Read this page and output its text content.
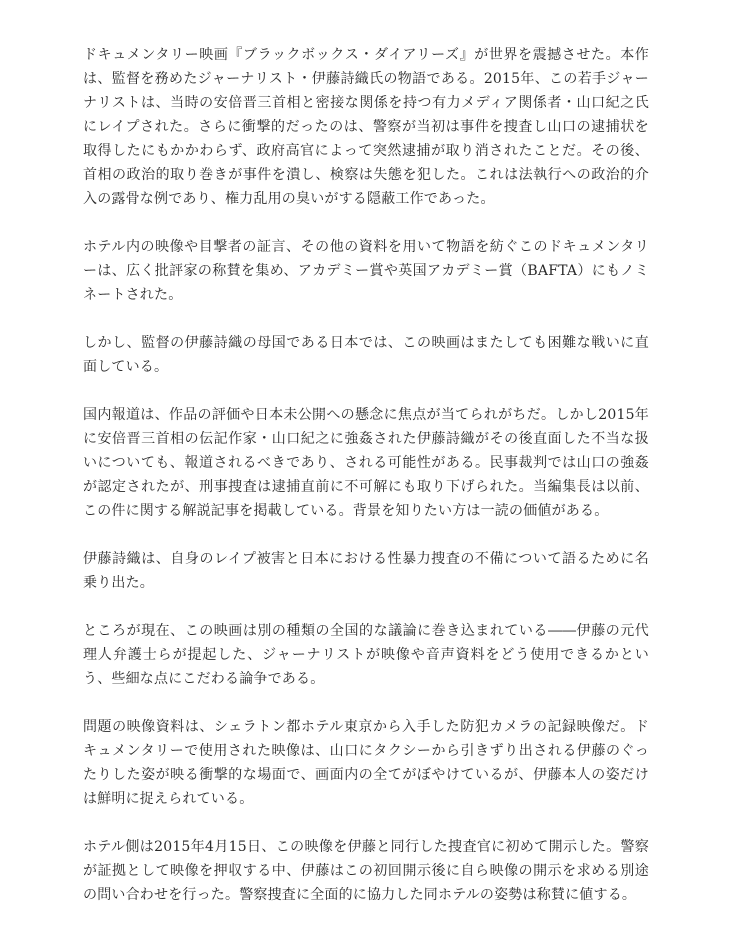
ドキュメンタリー映画『ブラックボックス・ダイアリーズ』が世界を震撼させた。本作は、監督を務めたジャーナリスト・伊藤詩織氏の物語である。2015年、この若手ジャーナリストは、当時の安倍晋三首相と密接な関係を持つ有力メディア関係者・山口紀之氏にレイプされた。さらに衝撃的だったのは、警察が当初は事件を捜査し山口の逮捕状を取得したにもかかわらず、政府高官によって突然逮捕が取り消されたことだ。その後、首相の政治的取り巻きが事件を潰し、検察は失態を犯した。これは法執行への政治的介入の露骨な例であり、権力乱用の臭いがする隠蔽工作であった。

ホテル内の映像や目撃者の証言、その他の資料を用いて物語を紡ぐこのドキュメンタリーは、広く批評家の称賛を集め、アカデミー賞や英国アカデミー賞（BAFTA）にもノミネートされた。

しかし、監督の伊藤詩織の母国である日本では、この映画はまたしても困難な戦いに直面している。

国内報道は、作品の評価や日本未公開への懸念に焦点が当てられがちだ。しかし2015年に安倍晋三首相の伝記作家・山口紀之に強姦された伊藤詩織がその後直面した不当な扱いについても、報道されるべきであり、される可能性がある。民事裁判では山口の強姦が認定されたが、刑事捜査は逮捕直前に不可解にも取り下げられた。当編集長は以前、この件に関する解説記事を掲載している。背景を知りたい方は一読の価値がある。

伊藤詩織は、自身のレイプ被害と日本における性暴力捜査の不備について語るために名乗り出た。

ところが現在、この映画は別の種類の全国的な議論に巻き込まれている――伊藤の元代理人弁護士らが提起した、ジャーナリストが映像や音声資料をどう使用できるかという、些細な点にこだわる論争である。

問題の映像資料は、シェラトン都ホテル東京から入手した防犯カメラの記録映像だ。ドキュメンタリーで使用された映像は、山口にタクシーから引きずり出される伊藤のぐったりした姿が映る衝撃的な場面で、画面内の全てがぼやけているが、伊藤本人の姿だけは鮮明に捉えられている。

ホテル側は2015年4月15日、この映像を伊藤と同行した捜査官に初めて開示した。警察が証拠として映像を押収する中、伊藤はこの初回開示後に自ら映像の開示を求める別途の問い合わせを行った。警察捜査に全面的に協力した同ホテルの姿勢は称賛に値する。
